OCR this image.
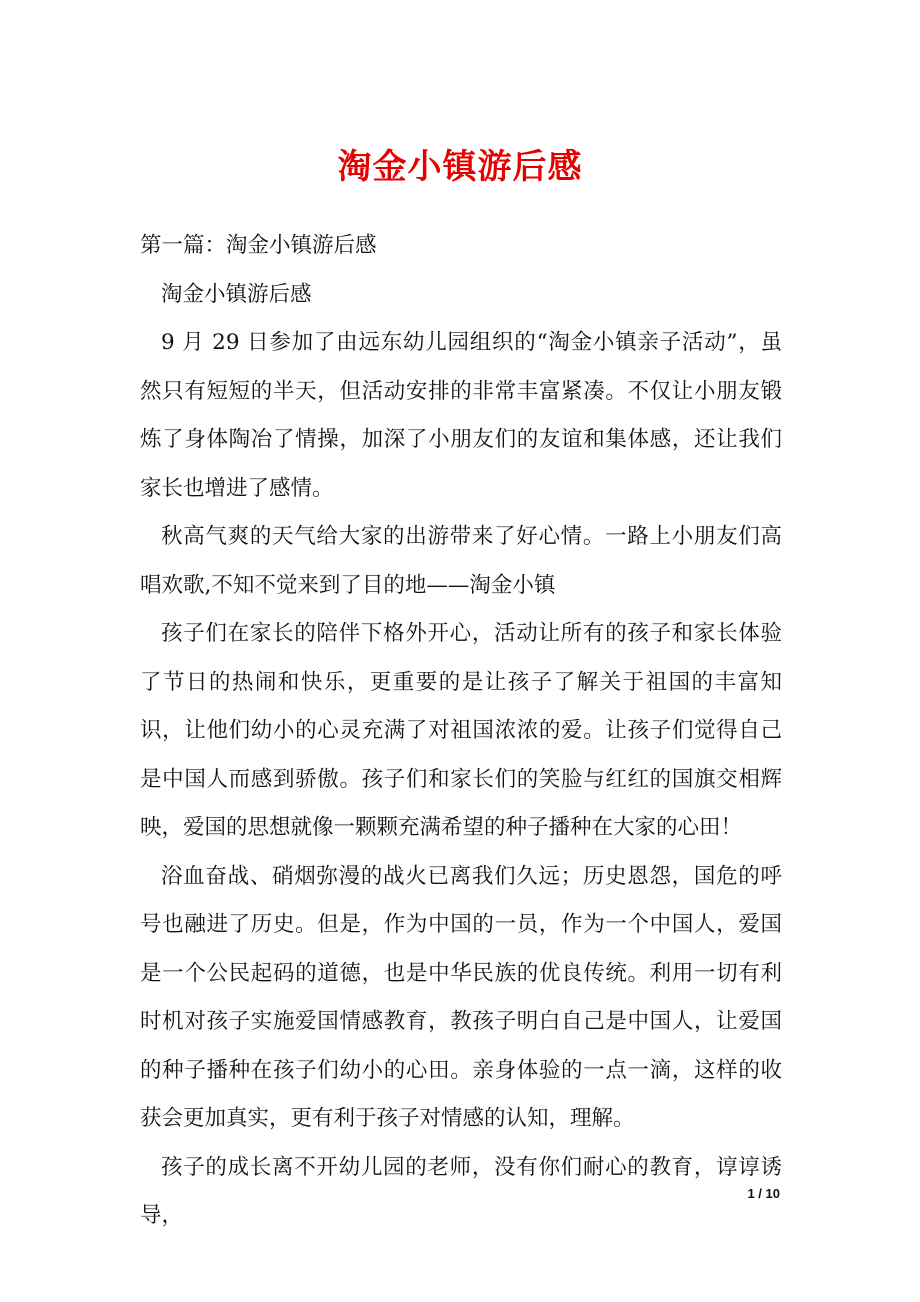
淘金小镇游后感

第一篇：淘金小镇游后感

淘金小镇游后感

9 月 29 日参加了由远东幼儿园组织的“淘金小镇亲子活动”，虽然只有短短的半天，但活动安排的非常丰富紧凑。不仅让小朋友锻炼了身体陶冶了情操，加深了小朋友们的友谊和集体感，还让我们家长也增进了感情。

秋高气爽的天气给大家的出游带来了好心情。一路上小朋友们高唱欢歌,不知不觉来到了目的地——淘金小镇

孩子们在家长的陪伴下格外开心，活动让所有的孩子和家长体验了节日的热闹和快乐，更重要的是让孩子了解关于祖国的丰富知识，让他们幼小的心灵充满了对祖国浓浓的爱。让孩子们觉得自己是中国人而感到骄傲。孩子们和家长们的笑脸与红红的国旗交相辉映，爱国的思想就像一颗颗充满希望的种子播种在大家的心田！

浴血奋战、硝烟弥漫的战火已离我们久远；历史恩怨，国危的呼号也融进了历史。但是，作为中国的一员，作为一个中国人，爱国是一个公民起码的道德，也是中华民族的优良传统。利用一切有利时机对孩子实施爱国情感教育，教孩子明白自己是中国人，让爱国的种子播种在孩子们幼小的心田。亲身体验的一点一滴，这样的收获会更加真实，更有利于孩子对情感的认知，理解。

孩子的成长离不开幼儿园的老师，没有你们耐心的教育，谆谆诱导，

1 / 10
